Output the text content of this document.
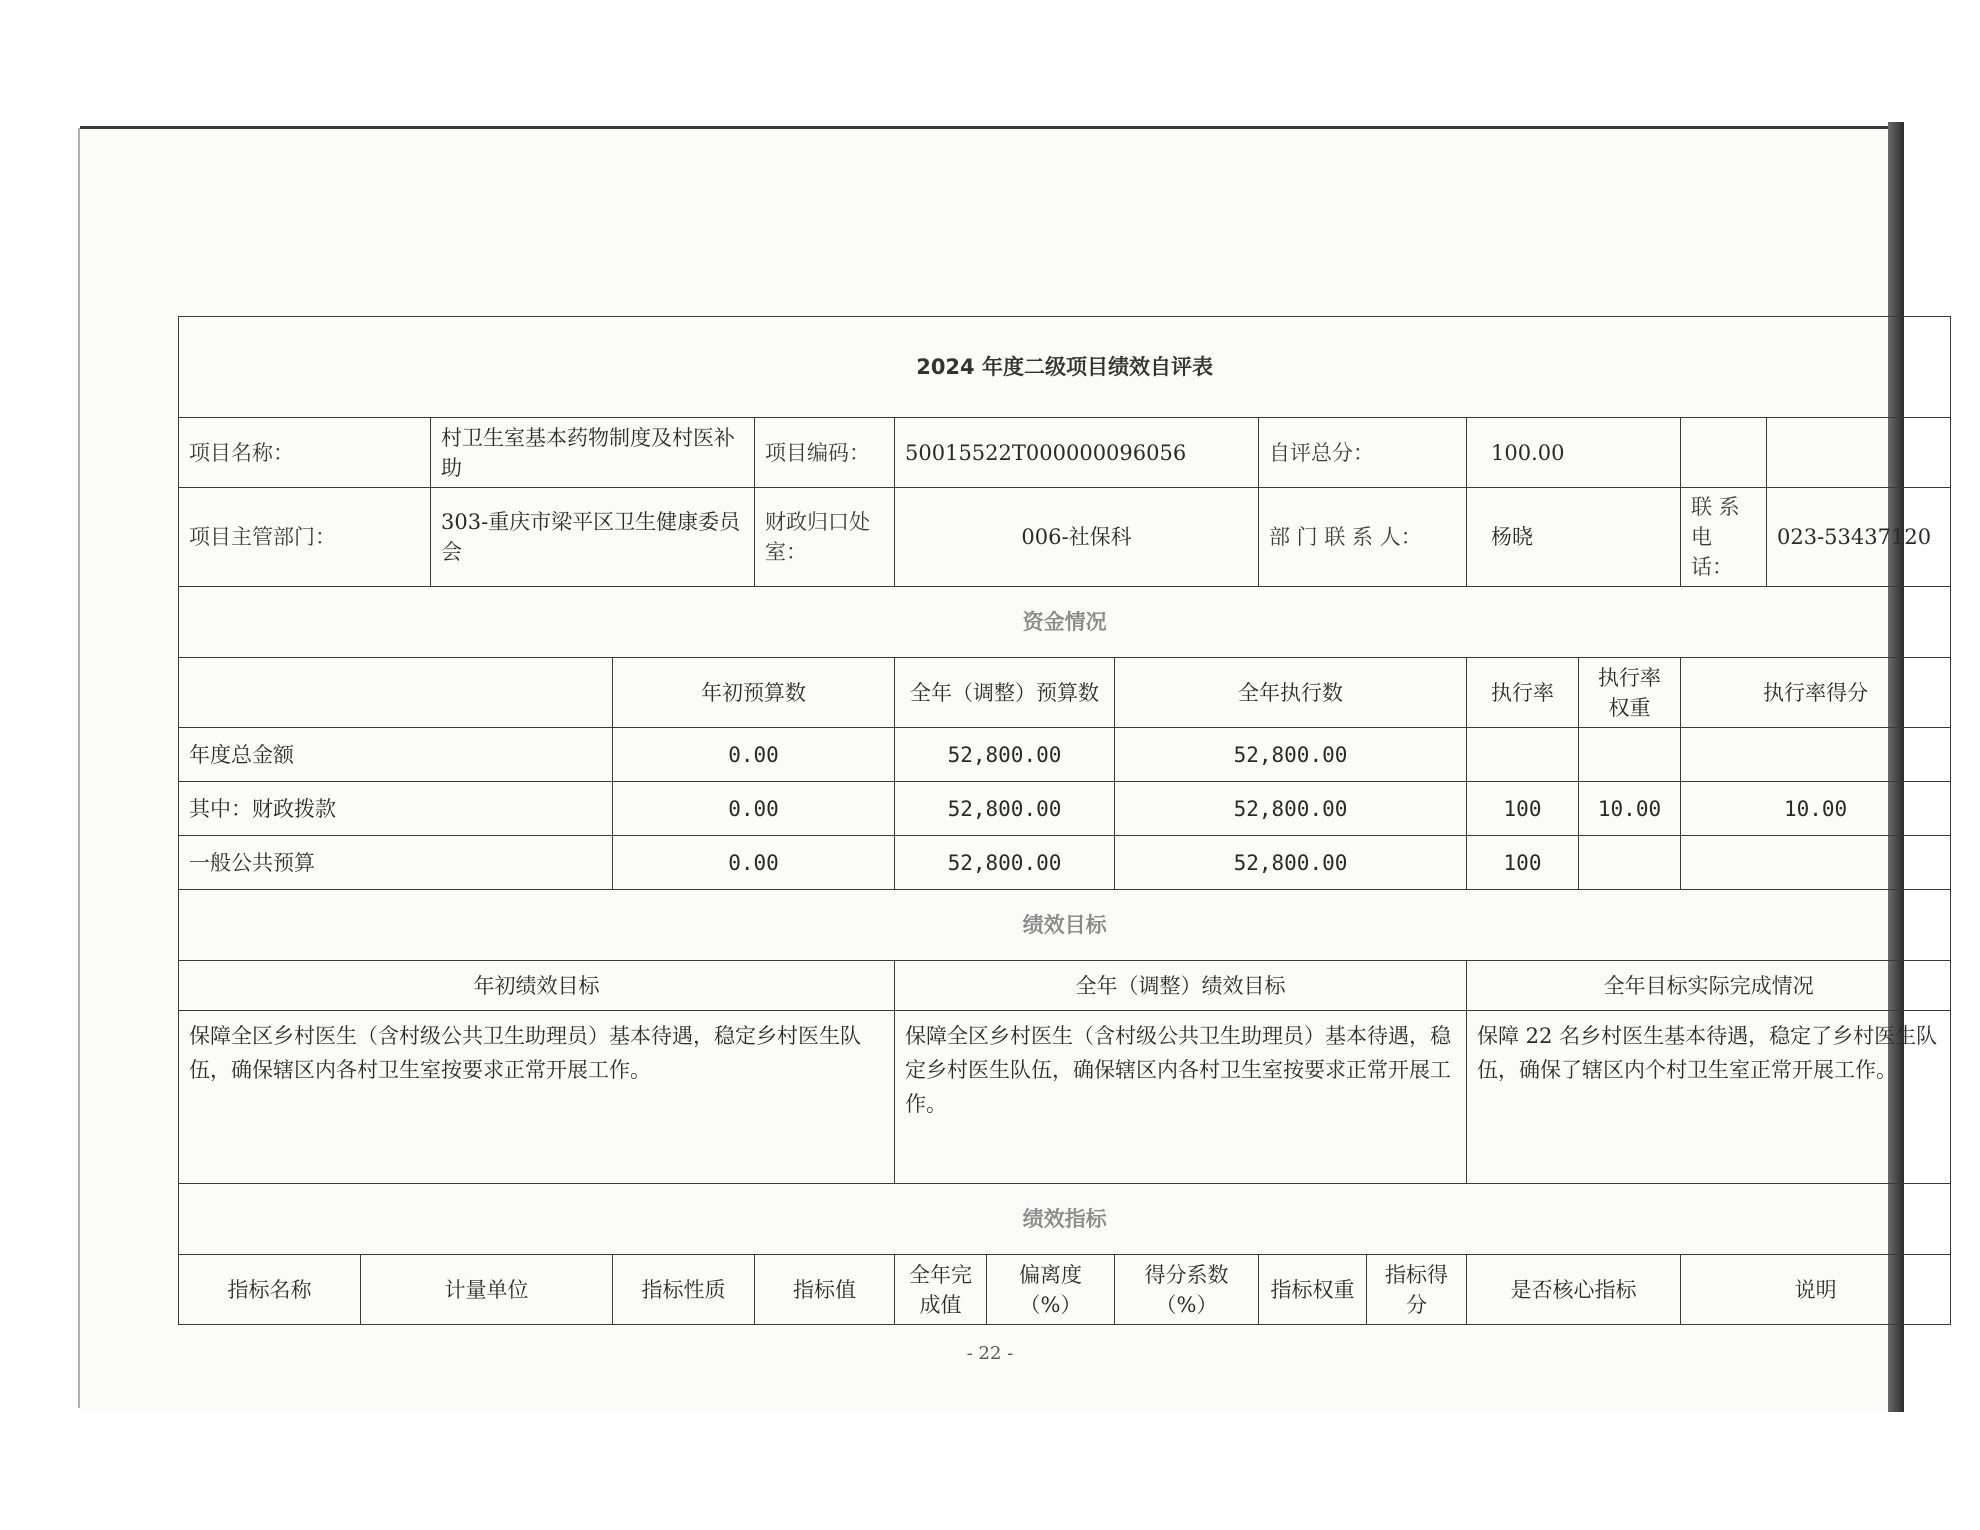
2024 年度二级项目绩效自评表													
项目名称：		村卫生室基本药物制度及村医补助		项目编码：	50015522T000000096056			自评总分：		100.00			
项目主管部门：		303-重庆市梁平区卫生健康委员会		财政归口处室：	006-社保科			部 门 联 系 人：		杨晓		联 系 电 话：	023-53437120
资金情况													
			年初预算数		全年（调整）预算数		全年执行数			执行率	执行率权重	执行率得分	
年度总金额			0.00		52,800.00		52,800.00						
其中：财政拨款			0.00		52,800.00		52,800.00			100	10.00	10.00	
一般公共预算			0.00		52,800.00		52,800.00			100			
绩效目标													
年初绩效目标					全年（调整）绩效目标					全年目标实际完成情况			
保障全区乡村医生（含村级公共卫生助理员）基本待遇，稳定乡村医生队伍，确保辖区内各村卫生室按要求正常开展工作。					保障全区乡村医生（含村级公共卫生助理员）基本待遇，稳定乡村医生队伍，确保辖区内各村卫生室按要求正常开展工作。					保障 22 名乡村医生基本待遇，稳定了乡村医生队伍，确保了辖区内个村卫生室正常开展工作。			
绩效指标													
指标名称	计量单位		指标性质	指标值	全年完成值	偏离度（%）	得分系数（%）	指标权重	指标得分	是否核心指标		说明	
- 22 -
